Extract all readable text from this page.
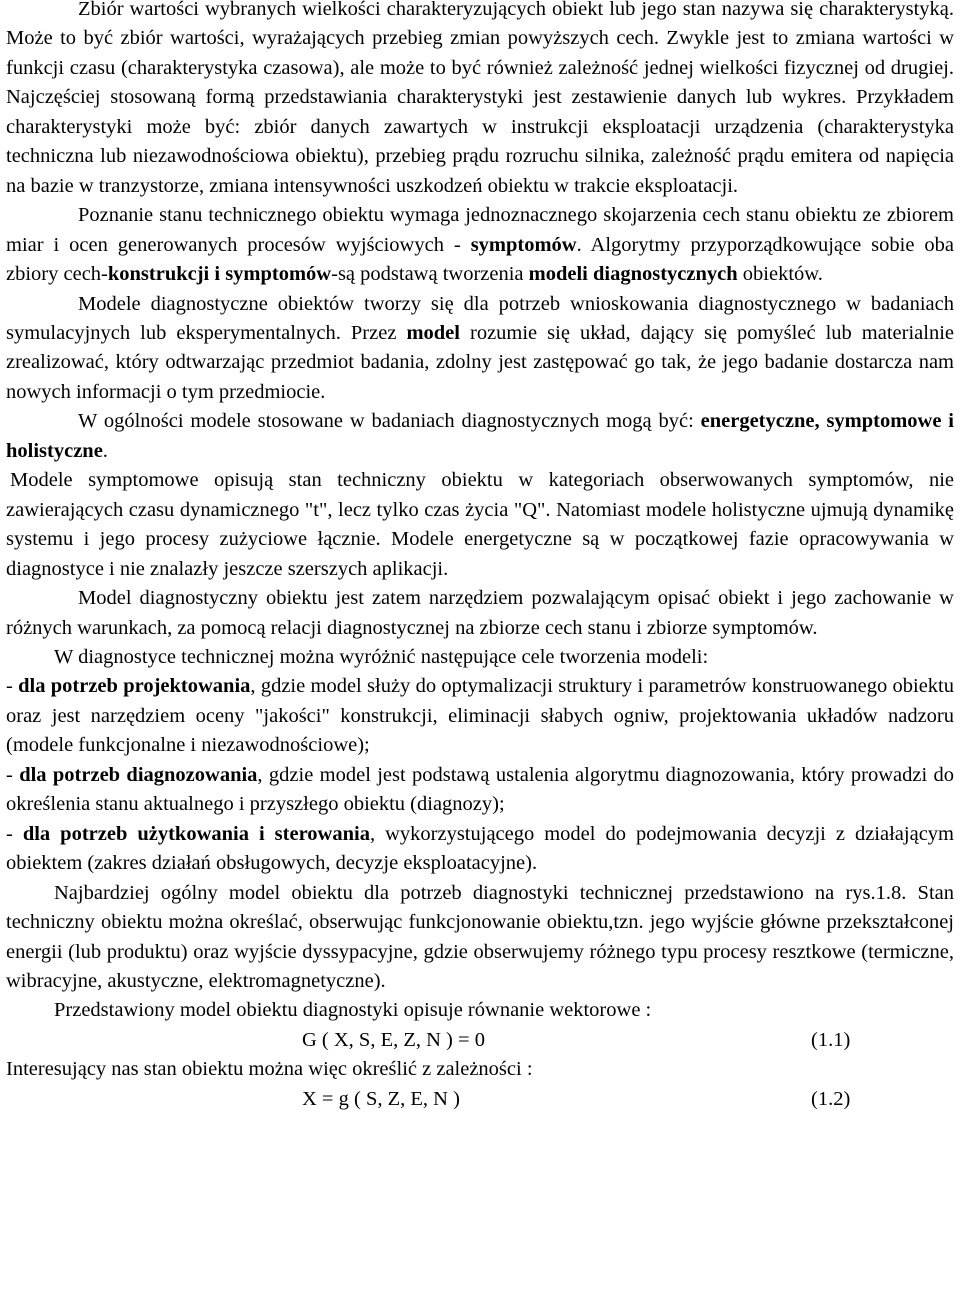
Zbiór wartości wybranych wielkości charakteryzujących obiekt lub jego stan nazywa się charakterystyką. Może to być zbiór wartości, wyrażających przebieg zmian powyższych cech. Zwykle jest to zmiana wartości w funkcji czasu (charakterystyka czasowa), ale może to być również zależność jednej wielkości fizycznej od drugiej. Najczęściej stosowaną formą przedstawiania charakterystyki jest zestawienie danych lub wykres. Przykładem charakterystyki może być: zbiór danych zawartych w instrukcji eksploatacji urządzenia (charakterystyka techniczna lub niezawodnościowa obiektu), przebieg prądu rozruchu silnika, zależność prądu emitera od napięcia na bazie w tranzystorze, zmiana intensywności uszkodzeń obiektu w trakcie eksploatacji.

Poznanie stanu technicznego obiektu wymaga jednoznacznego skojarzenia cech stanu obiektu ze zbiorem miar i ocen generowanych procesów wyjściowych - symptomów. Algorytmy przyporządkowujące sobie oba zbiory cech-konstrukcji i symptomów-są podstawą tworzenia modeli diagnostycznych obiektów.

Modele diagnostyczne obiektów tworzy się dla potrzeb wnioskowania diagnostycznego w badaniach symulacyjnych lub eksperymentalnych. Przez model rozumie się układ, dający się pomyśleć lub materialnie zrealizować, który odtwarzając przedmiot badania, zdolny jest zastępować go tak, że jego badanie dostarcza nam nowych informacji o tym przedmiocie.

W ogólności modele stosowane w badaniach diagnostycznych mogą być: energetyczne, symptomowe i holistyczne.

Modele symptomowe opisują stan techniczny obiektu w kategoriach obserwowanych symptomów, nie zawierających czasu dynamicznego "t", lecz tylko czas życia "Q". Natomiast modele holistyczne ujmują dynamikę systemu i jego procesy zużyciowe łącznie. Modele energetyczne są w początkowej fazie opracowywania w diagnostyce i nie znalazły jeszcze szerszych aplikacji.

Model diagnostyczny obiektu jest zatem narzędziem pozwalającym opisać obiekt i jego zachowanie w różnych warunkach, za pomocą relacji diagnostycznej na zbiorze cech stanu i zbiorze symptomów.

W diagnostyce technicznej można wyróżnić następujące cele tworzenia modeli:

- dla potrzeb projektowania, gdzie model służy do optymalizacji struktury i parametrów konstruowanego obiektu oraz jest narzędziem oceny "jakości" konstrukcji, eliminacji słabych ogniw, projektowania układów nadzoru (modele funkcjonalne i niezawodnościowe);

- dla potrzeb diagnozowania, gdzie model jest podstawą ustalenia algorytmu diagnozowania, który prowadzi do określenia stanu aktualnego i przyszłego obiektu (diagnozy);

- dla potrzeb użytkowania i sterowania, wykorzystującego model do podejmowania decyzji z działającym obiektem (zakres działań obsługowych, decyzje eksploatacyjne).

Najbardziej ogólny model obiektu dla potrzeb diagnostyki technicznej przedstawiono na rys.1.8. Stan techniczny obiektu można określać, obserwując funkcjonowanie obiektu,tzn. jego wyjście główne przekształconej energii (lub produktu) oraz wyjście dyssypacyjne, gdzie obserwujemy różnego typu procesy resztkowe (termiczne, wibracyjne, akustyczne, elektromagnetyczne).

Przedstawiony model obiektu diagnostyki opisuje równanie wektorowe :

G ( X, S, E, Z, N ) = 0	(1.1)

Interesujący nas stan obiektu można więc określić z zależności :

X = g ( S, Z, E, N )	(1.2)
